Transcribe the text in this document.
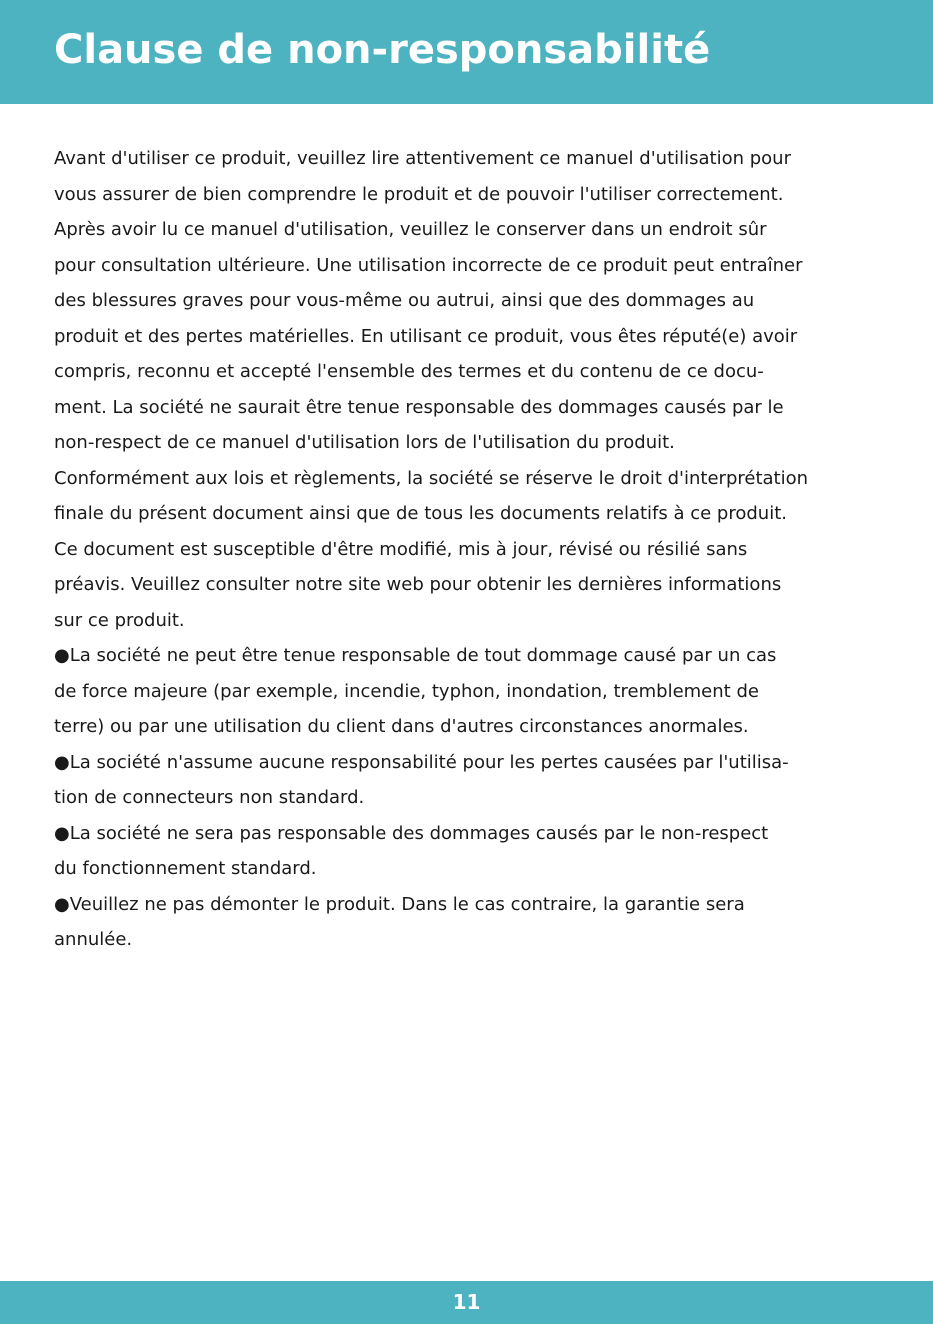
Clause de non-responsabilité
Avant d'utiliser ce produit, veuillez lire attentivement ce manuel d'utilisation pour
vous assurer de bien comprendre le produit et de pouvoir l'utiliser correctement.
Après avoir lu ce manuel d'utilisation, veuillez le conserver dans un endroit sûr
pour consultation ultérieure. Une utilisation incorrecte de ce produit peut entraîner
des blessures graves pour vous-même ou autrui, ainsi que des dommages au
produit et des pertes matérielles. En utilisant ce produit, vous êtes réputé(e) avoir
compris, reconnu et accepté l'ensemble des termes et du contenu de ce docu-
ment. La société ne saurait être tenue responsable des dommages causés par le
non-respect de ce manuel d'utilisation lors de l'utilisation du produit.
Conformément aux lois et règlements, la société se réserve le droit d'interprétation
finale du présent document ainsi que de tous les documents relatifs à ce produit.
Ce document est susceptible d'être modifié, mis à jour, révisé ou résilié sans
préavis. Veuillez consulter notre site web pour obtenir les dernières informations
sur ce produit.
●La société ne peut être tenue responsable de tout dommage causé par un cas
de force majeure (par exemple, incendie, typhon, inondation, tremblement de
terre) ou par une utilisation du client dans d'autres circonstances anormales.
●La société n'assume aucune responsabilité pour les pertes causées par l'utilisa-
tion de connecteurs non standard.
●La société ne sera pas responsable des dommages causés par le non-respect
du fonctionnement standard.
●Veuillez ne pas démonter le produit. Dans le cas contraire, la garantie sera
annulée.
11
